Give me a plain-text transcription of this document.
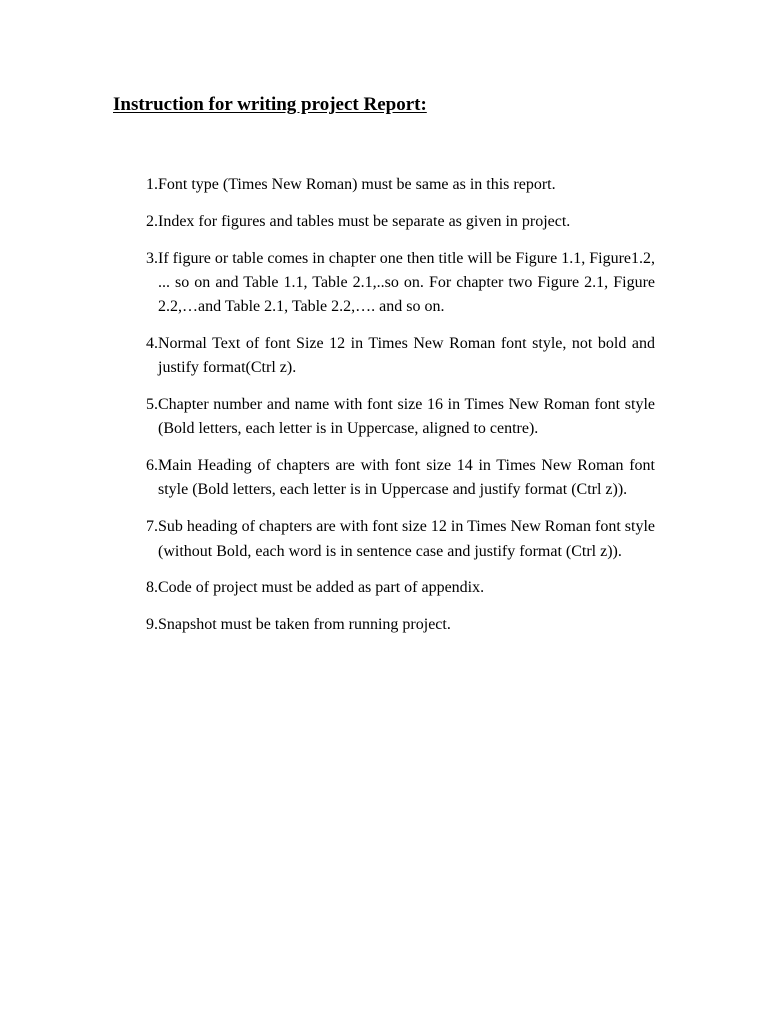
Instruction for writing project Report:
1. Font type (Times New Roman) must be same as in this report.
2. Index for figures and tables must be separate as given in project.
3. If figure or table comes in chapter one then title will be Figure 1.1, Figure1.2, ... so on and Table 1.1, Table 2.1,..so on. For chapter two Figure 2.1, Figure 2.2,…and Table 2.1, Table 2.2,…. and so on.
4. Normal Text of font Size 12 in Times New Roman font style, not bold and justify format(Ctrl z).
5. Chapter number and name with font size 16 in Times New Roman font style (Bold letters, each letter is in Uppercase, aligned to centre).
6. Main Heading of chapters are with font size 14 in Times New Roman font style (Bold letters, each letter is in Uppercase and justify format (Ctrl z)).
7. Sub heading of chapters are with font size 12 in Times New Roman font style (without Bold, each word is in sentence case and justify format (Ctrl z)).
8. Code of project must be added as part of appendix.
9. Snapshot must be taken from running project.
